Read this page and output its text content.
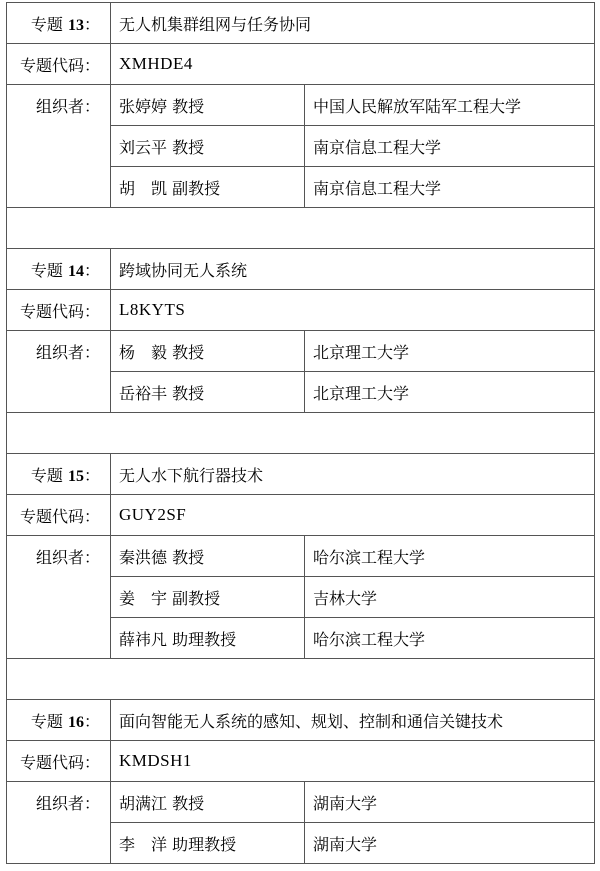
专题 13：	无人机集群组网与任务协同	
专题代码：	XMHDE4	
组织者：	张婷婷 教授	中国人民解放军陆军工程大学
	刘云平 教授	南京信息工程大学
	胡　凯 副教授	南京信息工程大学

专题 14：	跨域协同无人系统	
专题代码：	L8KYTS	
组织者：	杨　毅 教授	北京理工大学
	岳裕丰 教授	北京理工大学

专题 15：	无人水下航行器技术	
专题代码：	GUY2SF	
组织者：	秦洪德 教授	哈尔滨工程大学
	姜　宇 副教授	吉林大学
	薛祎凡 助理教授	哈尔滨工程大学

专题 16：	面向智能无人系统的感知、规划、控制和通信关键技术	
专题代码：	KMDSH1	
组织者：	胡满江 教授	湖南大学
	李　洋 助理教授	湖南大学
